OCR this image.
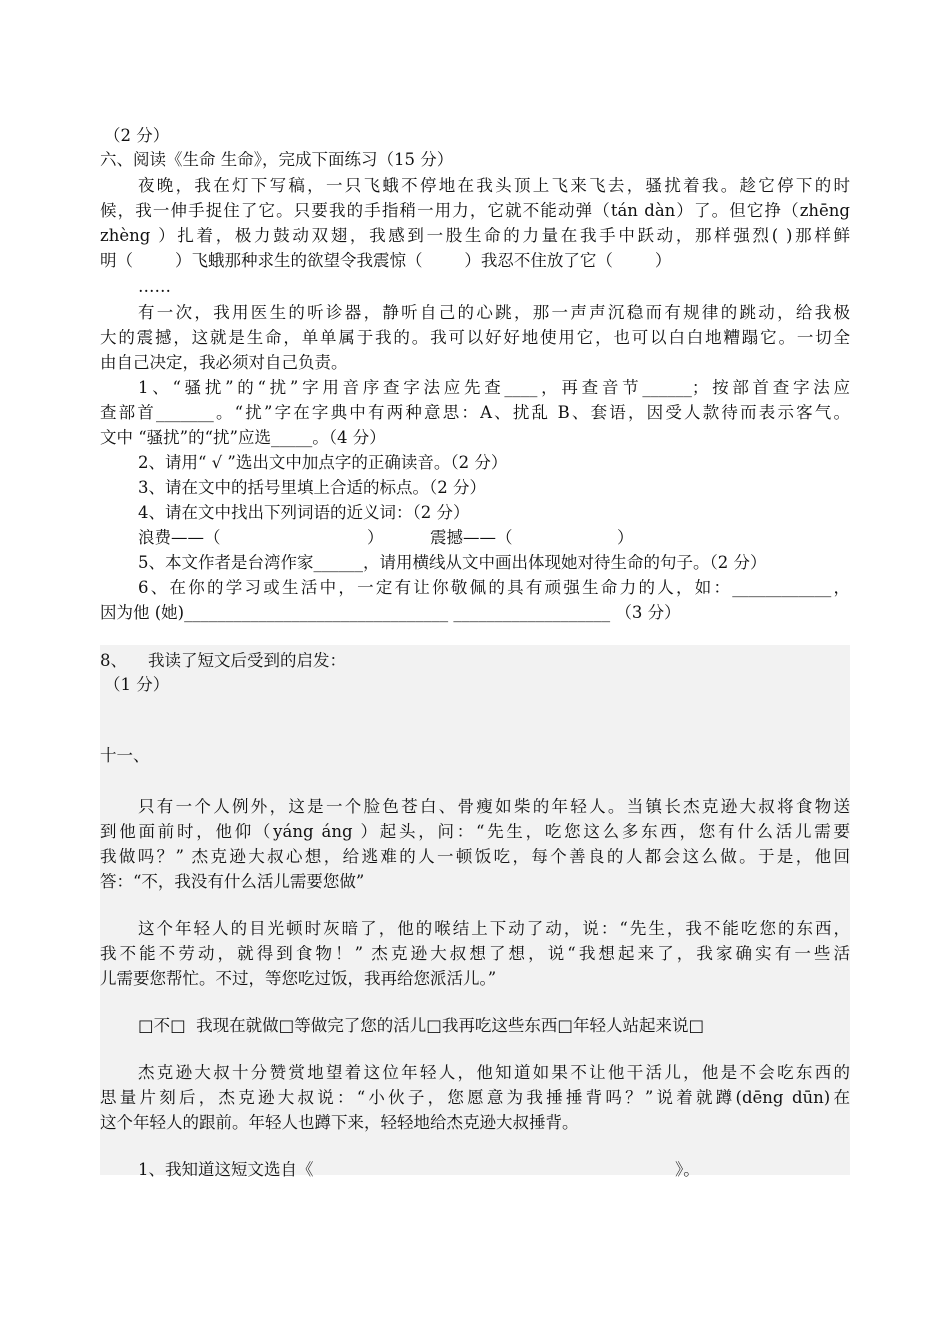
（2 分）
六、阅读《生命 生命》，完成下面练习（15 分）
夜晚，我在灯下写稿，一只飞蛾不停地在我头顶上飞来飞去，骚扰着我。趁它停下的时
候，我一伸手捉住了它。只要我的手指稍一用力，它就不能动弹（tán dàn）了。但它挣（zhēng
zhèng ）扎着，极力鼓动双翅，我感到一股生命的力量在我手中跃动，那样强烈( )那样鲜
明（        ）飞蛾那种求生的欲望令我震惊（        ）我忍不住放了它（        ）
……
有一次，我用医生的听诊器，静听自己的心跳，那一声声沉稳而有规律的跳动，给我极
大的震撼，这就是生命，单单属于我的。我可以好好地使用它，也可以白白地糟蹋它。一切全
由自己决定，我必须对自己负责。
1、“骚扰”的“扰”字用音序查字法应先查____，再查音节______；按部首查字法应
查部首_______。“扰”字在字典中有两种意思：A、扰乱 B、套语，因受人款待而表示客气。
文中 “骚扰”的“扰”应选_____。（4 分）
2、请用“ √ ”选出文中加点字的正确读音。（2 分）
3、请在文中的括号里填上合适的标点。（2 分）
4、请在文中找出下列词语的近义词：（2 分）
浪费——（	）	震撼——（	）
5、本文作者是台湾作家______，请用横线从文中画出体现她对待生命的句子。（2 分）
6、在你的学习或生活中，一定有让你敬佩的具有顽强生命力的人，如：____________，
因为他 (她)________________________________ ___________________ （3 分）
8、    我读了短文后受到的启发：
（1 分）
十一、
只有一个人例外，这是一个脸色苍白、骨瘦如柴的年轻人。当镇长杰克逊大叔将食物送
到他面前时，他仰（yáng áng ）起头，问：“先生，吃您这么多东西，您有什么活儿需要
我做吗？” 杰克逊大叔心想，给逃难的人一顿饭吃，每个善良的人都会这么做。于是，他回
答：“不，我没有什么活儿需要您做”
这个年轻人的目光顿时灰暗了，他的喉结上下动了动，说：“先生，我不能吃您的东西，
我不能不劳动，就得到食物！” 杰克逊大叔想了想，说“我想起来了，我家确实有一些活
儿需要您帮忙。不过，等您吃过饭，我再给您派活儿。”
□不□  我现在就做□等做完了您的活儿□我再吃这些东西□年轻人站起来说□
杰克逊大叔十分赞赏地望着这位年轻人，他知道如果不让他干活儿，他是不会吃东西的
思量片刻后，杰克逊大叔说：“小伙子，您愿意为我捶捶背吗？”说着就蹲(dēng dūn)在
这个年轻人的跟前。年轻人也蹲下来，轻轻地给杰克逊大叔捶背。
1、我知道这短文选自《	》。
